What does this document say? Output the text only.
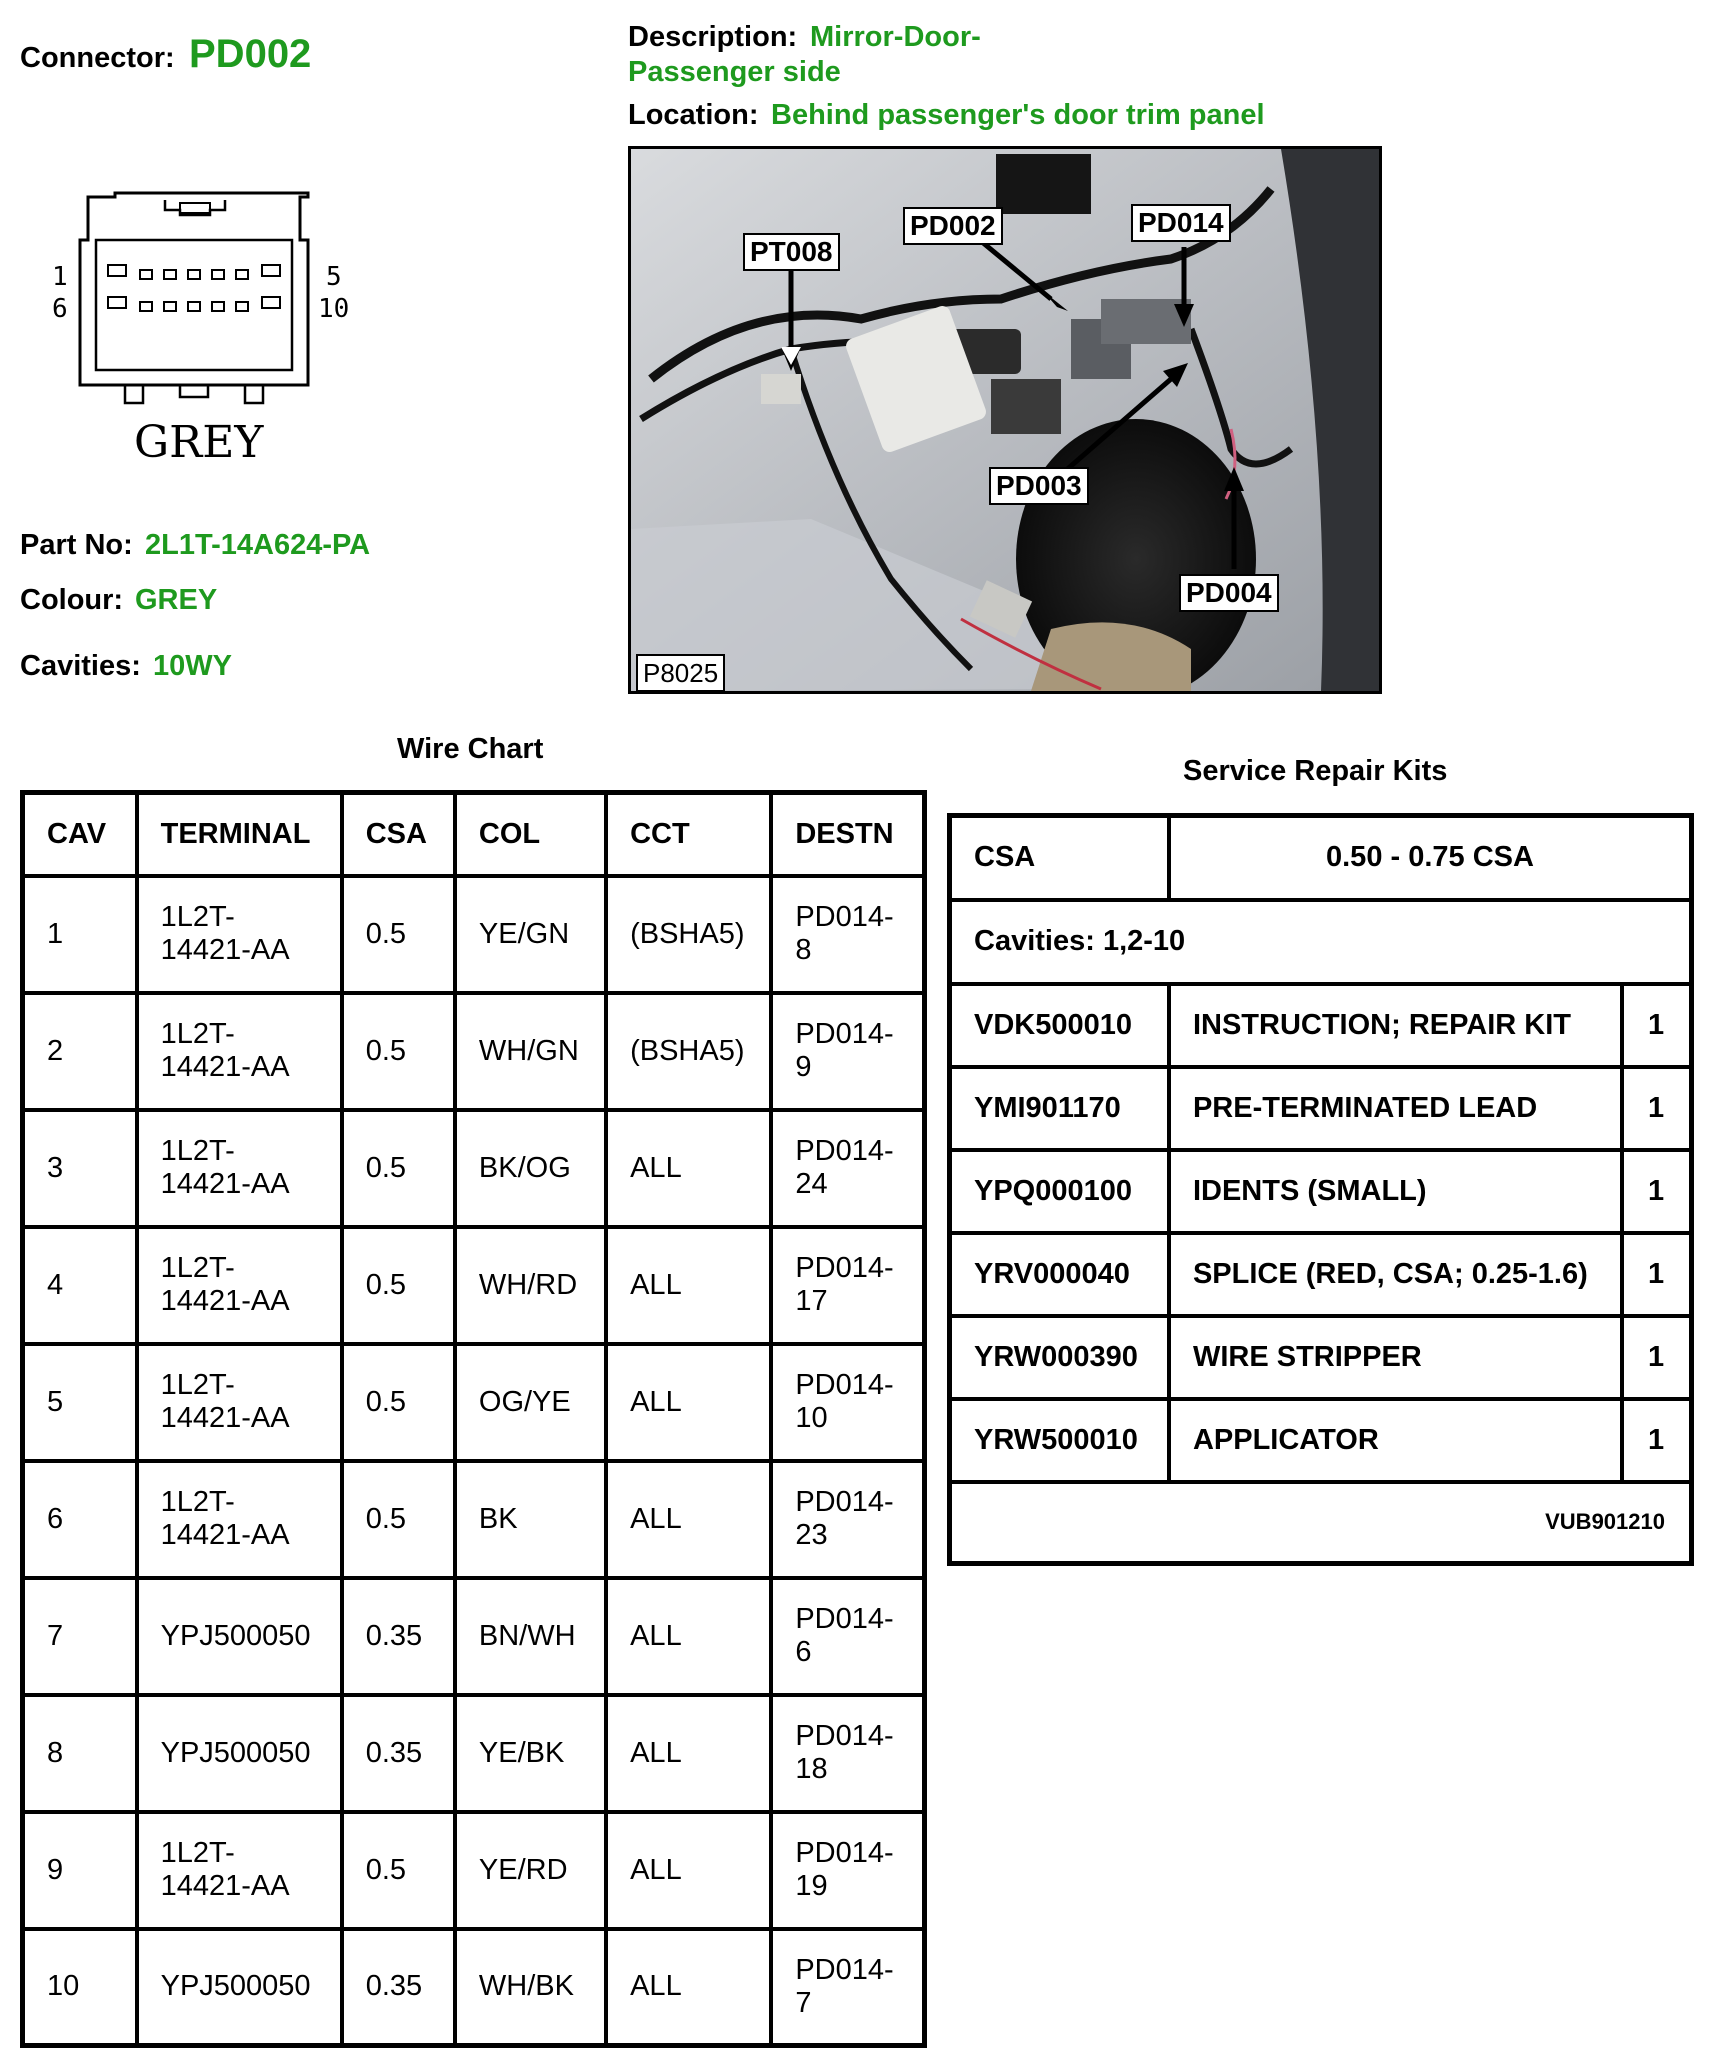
Connector: PD002	Description: Mirror-Door-
Passenger side
Location: Behind passenger's door trim panel
1
6
5
10
GREY
Part No: 2L1T-14A624-PA
Colour: GREY
Cavities: 10WY
PT008
PD002	PD014
PD003
PD004
P8025
Wire Chart
CAV	TERMINAL	CSA	COL	CCT	DESTN
1	1L2T-
14421-AA	0.5	YE/GN	(BSHA5)	PD014-
8
2	1L2T-
14421-AA	0.5	WH/GN	(BSHA5)	PD014-
9
3	1L2T-
14421-AA	0.5	BK/OG	ALL	PD014-
24
4	1L2T-
14421-AA	0.5	WH/RD	ALL	PD014-
17
5	1L2T-
14421-AA	0.5	OG/YE	ALL	PD014-
10
6	1L2T-
14421-AA	0.5	BK	ALL	PD014-
23
7	YPJ500050	0.35	BN/WH	ALL	PD014-
6
8	YPJ500050	0.35	YE/BK	ALL	PD014-
18
9	1L2T-
14421-AA	0.5	YE/RD	ALL	PD014-
19
10	YPJ500050	0.35	WH/BK	ALL	PD014-
7
Service Repair Kits
CSA	0.50 - 0.75 CSA	
Cavities: 1,2-10		
VDK500010	INSTRUCTION; REPAIR KIT	1
YMI901170	PRE-TERMINATED LEAD	1
YPQ000100	IDENTS (SMALL)	1
YRV000040	SPLICE (RED, CSA; 0.25-1.6)	1
YRW000390	WIRE STRIPPER	1
YRW500010	APPLICATOR	1
VUB901210		
